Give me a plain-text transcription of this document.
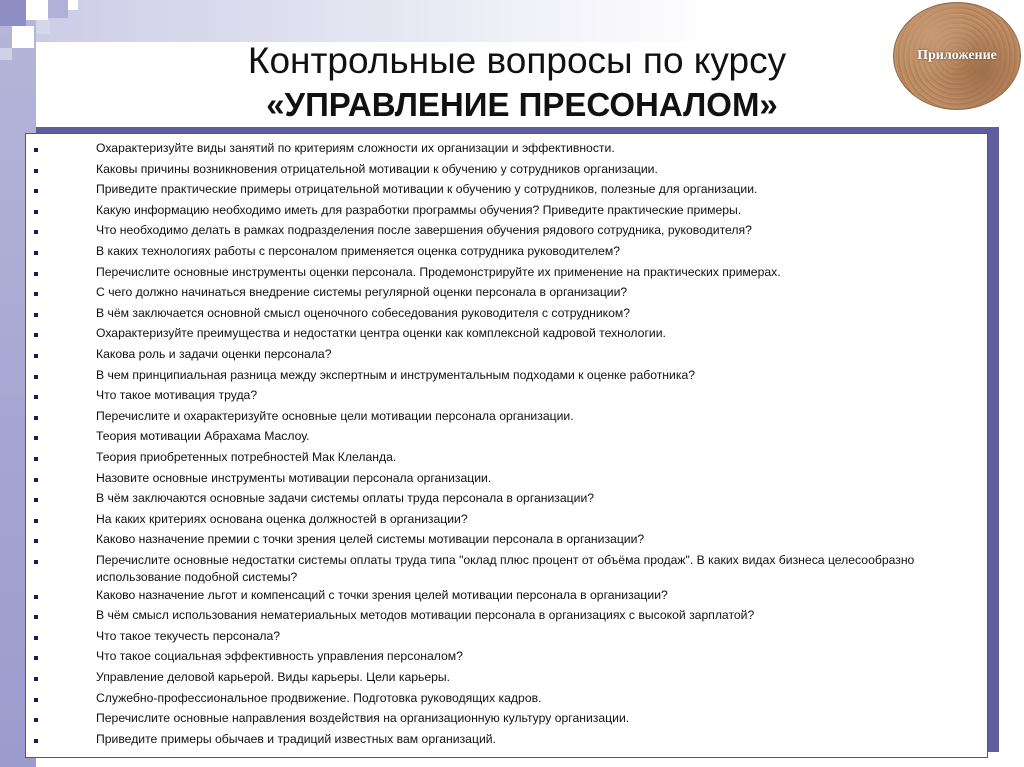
Приложение
Контрольные вопросы по курсу
«УПРАВЛЕНИЕ ПРЕСОНАЛОМ»
Охарактеризуйте виды занятий по критериям сложности их организации и эффективности.
Каковы причины возникновения отрицательной мотивации к обучению у сотрудников организации.
Приведите практические примеры отрицательной мотивации к обучению у сотрудников, полезные для организации.
Какую информацию необходимо иметь для разработки программы обучения? Приведите практические примеры.
Что необходимо делать в рамках подразделения после завершения обучения рядового сотрудника, руководителя?
В каких технологиях работы с персоналом применяется оценка сотрудника руководителем?
Перечислите основные инструменты оценки персонала. Продемонстрируйте их применение на практических примерах.
С чего должно начинаться внедрение системы регулярной оценки персонала в организации?
В чём заключается основной смысл оценочного собеседования руководителя с сотрудником?
Охарактеризуйте преимущества и недостатки центра оценки как комплексной кадровой технологии.
Какова роль и задачи оценки персонала?
В чем принципиальная разница между экспертным и инструментальным подходами к оценке работника?
Что такое мотивация труда?
Перечислите и охарактеризуйте основные цели мотивации персонала организации.
Теория мотивации Абрахама Маслоу.
Теория приобретенных потребностей Мак Клеланда.
Назовите основные инструменты мотивации персонала организации.
В чём заключаются основные задачи системы оплаты труда персонала в организации?
На каких критериях основана оценка должностей в организации?
Каково назначение премии с точки зрения целей системы мотивации персонала в организации?
Перечислите основные недостатки системы оплаты труда типа "оклад плюс процент от объёма продаж". В каких видах бизнеса целесообразно использование подобной системы?
Каково назначение льгот и компенсаций с точки зрения целей мотивации персонала в организации?
В чём смысл использования нематериальных методов мотивации персонала в организациях с высокой зарплатой?
Что такое текучесть персонала?
Что такое социальная эффективность управления персоналом?
Управление деловой карьерой. Виды карьеры. Цели карьеры.
Служебно-профессиональное продвижение. Подготовка руководящих кадров.
Перечислите основные направления воздействия на организационную культуру организации.
Приведите примеры обычаев и традиций известных вам организаций.
